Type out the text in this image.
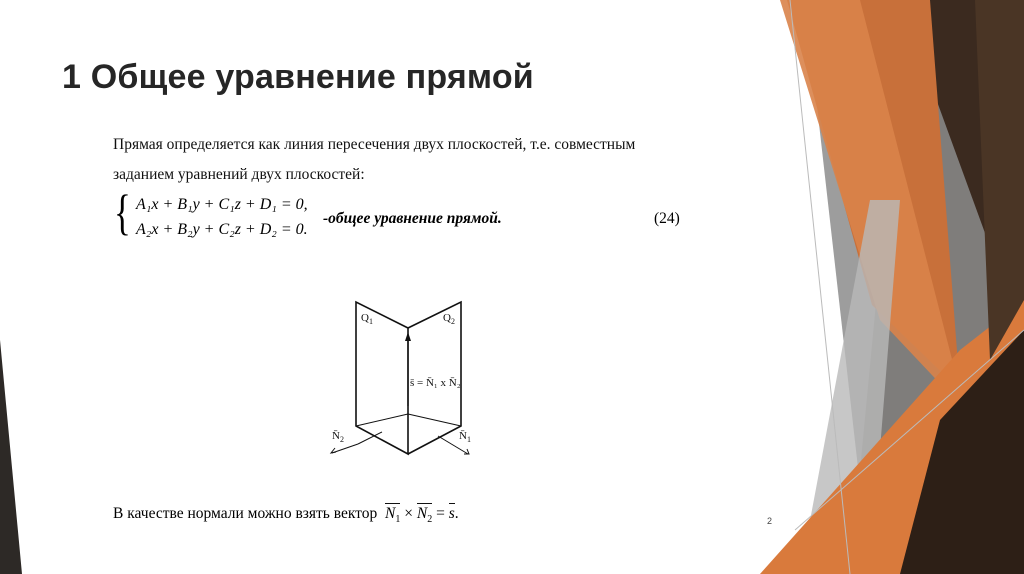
1 Общее уравнение прямой
Прямая определяется как линия пересечения двух плоскостей, т.е. совместным
заданием уравнений двух плоскостей:
{ A₁x + B₁y + C₁z + D₁ = 0,
A₂x + B₂y + C₂z + D₂ = 0.
-общее уравнение прямой.	(24)
$Q_1$	$Q_2$
s̄ = N̄₁ x N̄₂
$N̄_2$	$N̄_1$
В качестве нормали можно взять вектор $N_1 \times N_2 = s$.	2
